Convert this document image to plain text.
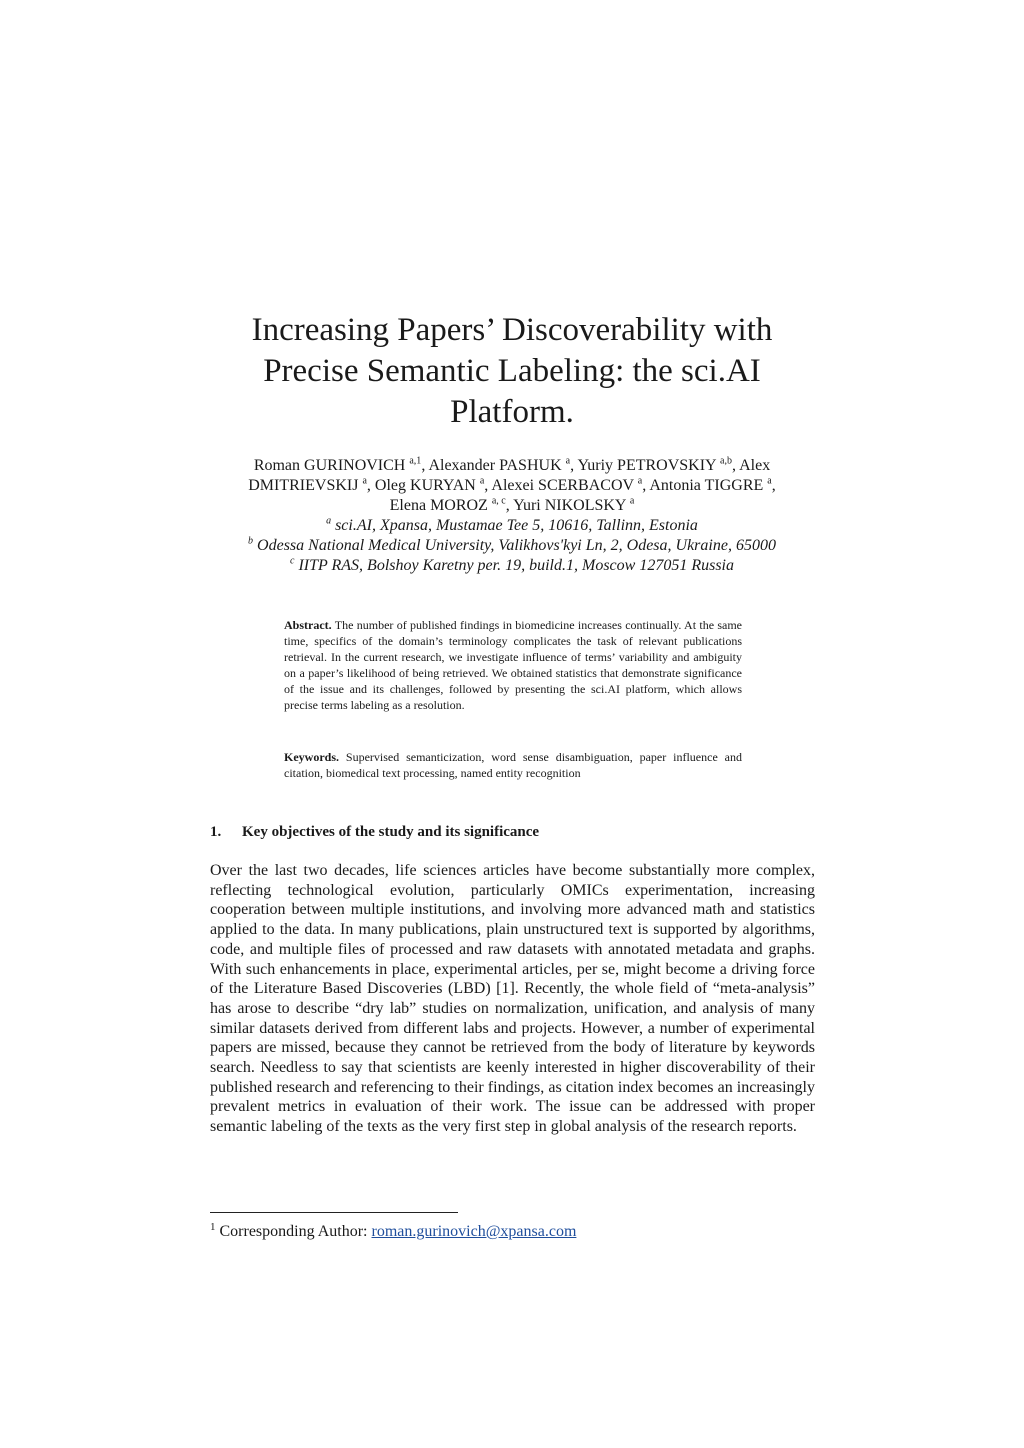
Increasing Papers’ Discoverability with
Precise Semantic Labeling: the sci.AI
Platform.
Roman GURINOVICH $^{a,1}$, Alexander PASHUK $^a$, Yuriy PETROVSKIY $^{a,b}$, Alex
DMITRIEVSKIJ $^a$, Oleg KURYAN $^a$, Alexei SCERBACOV $^a$, Antonia TIGGRE $^a$,
Elena MOROZ $^{a, c}$, Yuri NIKOLSKY $^a$
$^a$ sci.AI, Xpansa, Mustamae Tee 5, 10616, Tallinn, Estonia
$^b$ Odessa National Medical University, Valikhovs'kyi Ln, 2, Odesa, Ukraine, 65000
$^c$ IITP RAS, Bolshoy Karetny per. 19, build.1, Moscow 127051 Russia
Abstract. The number of published findings in biomedicine increases continually. At the same time, specifics of the domain’s terminology complicates the task of relevant publications retrieval. In the current research, we investigate influence of terms’ variability and ambiguity on a paper’s likelihood of being retrieved. We obtained statistics that demonstrate significance of the issue and its challenges, followed by presenting the sci.AI platform, which allows precise terms labeling as a resolution.
Keywords. Supervised semanticization, word sense disambiguation, paper influence and citation, biomedical text processing, named entity recognition
1. Key objectives of the study and its significance
Over the last two decades, life sciences articles have become substantially more complex, reflecting technological evolution, particularly OMICs experimentation, increasing cooperation between multiple institutions, and involving more advanced math and statistics applied to the data. In many publications, plain unstructured text is supported by algorithms, code, and multiple files of processed and raw datasets with annotated metadata and graphs. With such enhancements in place, experimental articles, per se, might become a driving force of the Literature Based Discoveries (LBD) [1]. Recently, the whole field of “meta-analysis” has arose to describe “dry lab” studies on normalization, unification, and analysis of many similar datasets derived from different labs and projects. However, a number of experimental papers are missed, because they cannot be retrieved from the body of literature by keywords search. Needless to say that scientists are keenly interested in higher discoverability of their published research and referencing to their findings, as citation index becomes an increasingly prevalent metrics in evaluation of their work. The issue can be addressed with proper semantic labeling of the texts as the very first step in global analysis of the research reports.
$^1$ Corresponding Author: roman.gurinovich@xpansa.com
